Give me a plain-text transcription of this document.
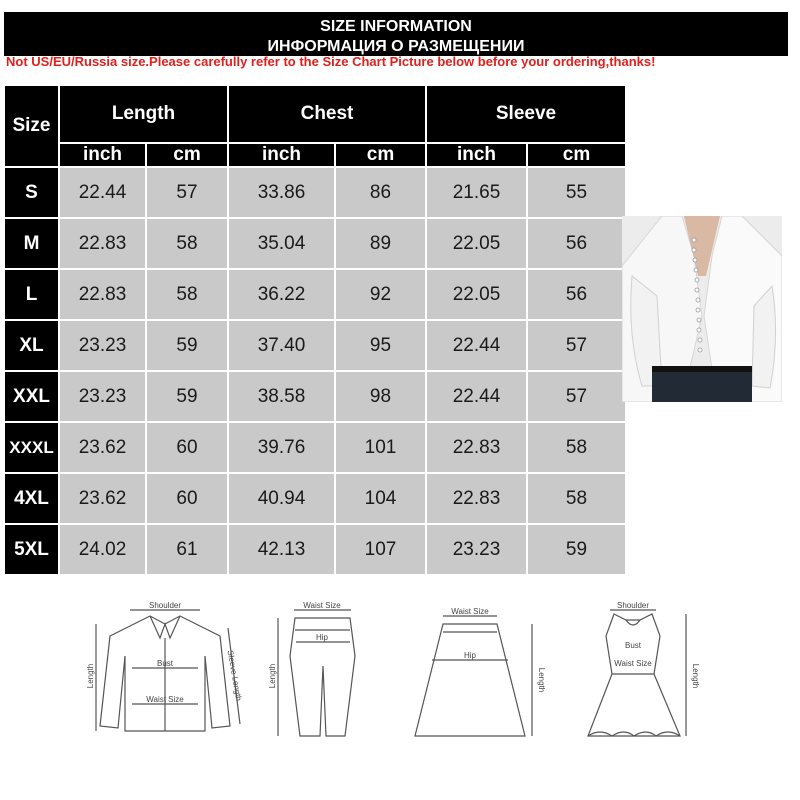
SIZE INFORMATION
ИНФОРМАЦИЯ О РАЗМЕЩЕНИИ
Not US/EU/Russia size.Please carefully refer to the Size Chart Picture below before your ordering,thanks!
Size	Length		Chest		Sleeve	
	inch	cm	inch	cm	inch	cm
S	22.44	57	33.86	86	21.65	55
M	22.83	58	35.04	89	22.05	56
L	22.83	58	36.22	92	22.05	56
XL	23.23	59	37.40	95	22.44	57
XXL	23.23	59	38.58	98	22.44	57
XXXL	23.62	60	39.76	101	22.83	58
4XL	23.62	60	40.94	104	22.83	58
5XL	24.02	61	42.13	107	23.23	59
Shoulder
Bust
Waist Size
Length	Sleeve Length
Waist Size
Hip
Length
Waist Size
Hip
Length
Shoulder
Bust
Waist Size
Length
